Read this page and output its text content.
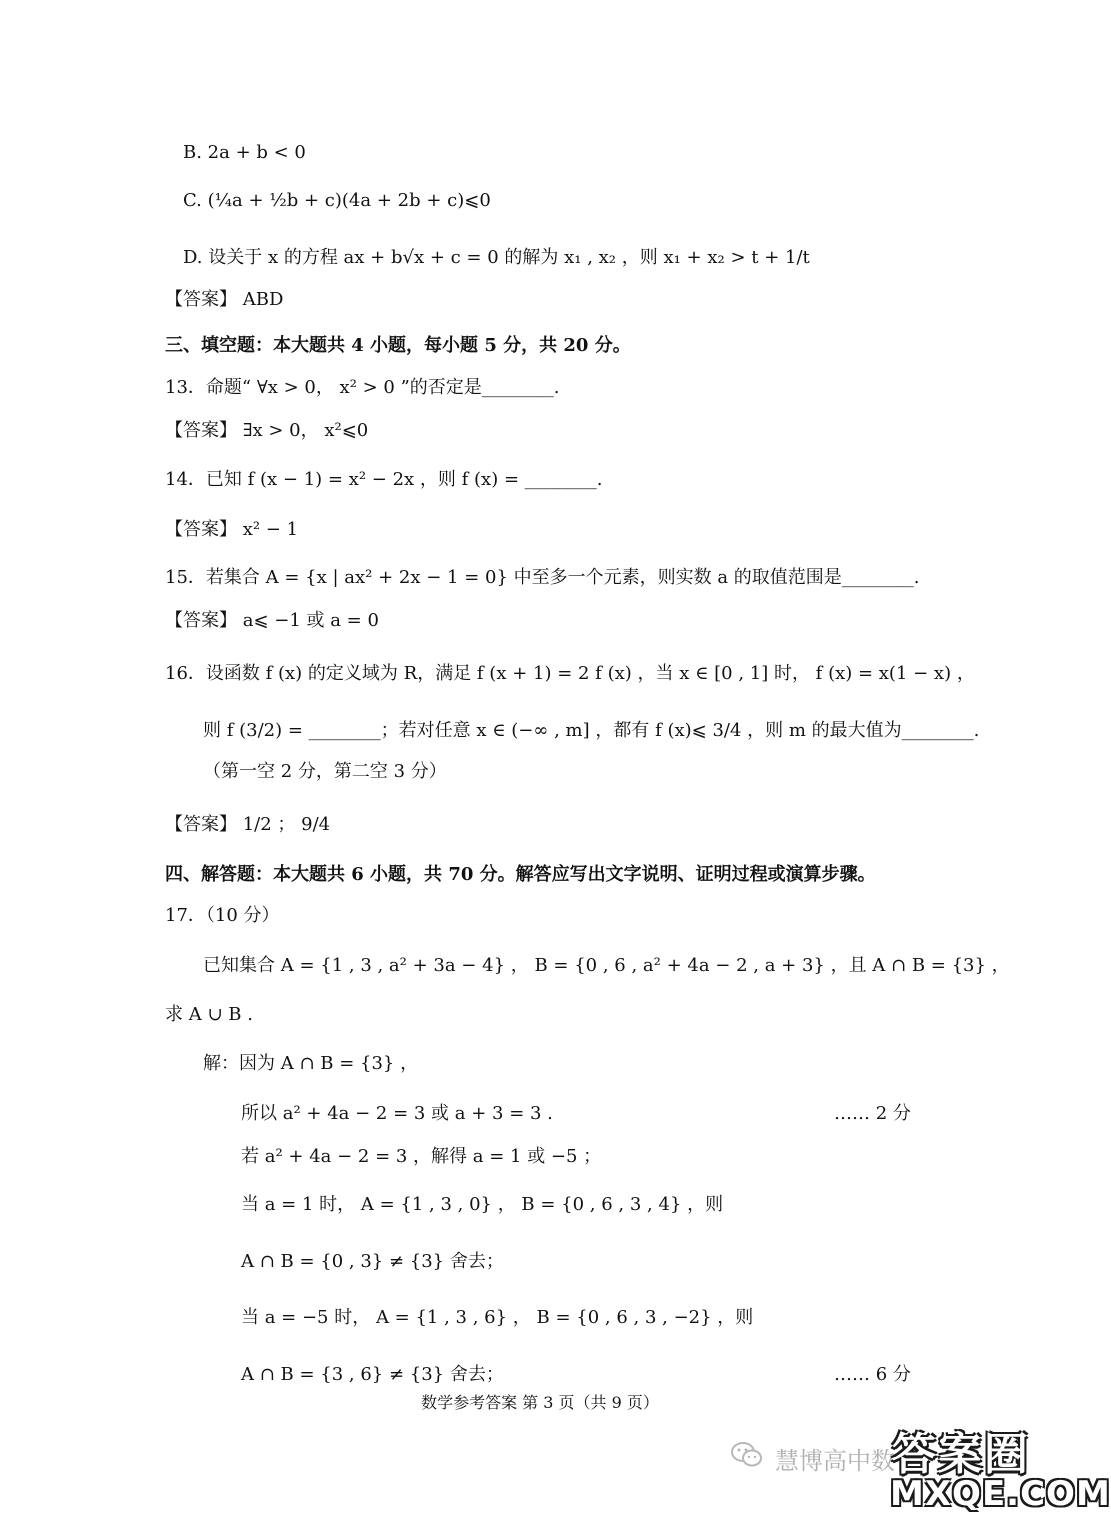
B. 2a + b < 0
C. (¼a + ½b + c)(4a + 2b + c)⩽0
D. 设关于 x 的方程 ax + b√x + c = 0 的解为 x₁ , x₂ ，则 x₁ + x₂ > t + 1/t
【答案】 ABD
三、填空题：本大题共 4 小题，每小题 5 分，共 20 分。
13．命题“ ∀x > 0， x² > 0 ”的否定是________.
【答案】 ∃x > 0， x²⩽0
14．已知 f (x − 1) = x² − 2x ，则 f (x) = ________.
【答案】 x² − 1
15．若集合 A = {x | ax² + 2x − 1 = 0} 中至多一个元素，则实数 a 的取值范围是________.
【答案】 a⩽ −1 或 a = 0
16．设函数 f (x) 的定义域为 R，满足 f (x + 1) = 2 f (x) ，当 x ∈ [0 , 1] 时， f (x) = x(1 − x) ，
则 f (3/2) = ________；若对任意 x ∈ (−∞ , m] ，都有 f (x)⩽ 3/4 ，则 m 的最大值为________.
（第一空 2 分，第二空 3 分）
【答案】 1/2 ； 9/4
四、解答题：本大题共 6 小题，共 70 分。解答应写出文字说明、证明过程或演算步骤。
17．（10 分）
已知集合 A = {1 , 3 , a² + 3a − 4} ， B = {0 , 6 , a² + 4a − 2 , a + 3} ，且 A ∩ B = {3} ，
求 A ∪ B .
解：因为 A ∩ B = {3} ，
所以 a² + 4a − 2 = 3 或 a + 3 = 3 .	…… 2 分
若 a² + 4a − 2 = 3 ，解得 a = 1 或 −5 ；
当 a = 1 时， A = {1 , 3 , 0} ， B = {0 , 6 , 3 , 4} ，则
A ∩ B = {0 , 3} ≠ {3} 舍去；
当 a = −5 时， A = {1 , 3 , 6} ， B = {0 , 6 , 3 , −2} ，则
A ∩ B = {3 , 6} ≠ {3} 舍去；	…… 6 分
数学参考答案 第 3 页（共 9 页）
慧博高中数
答案圈
MXQE.COM
